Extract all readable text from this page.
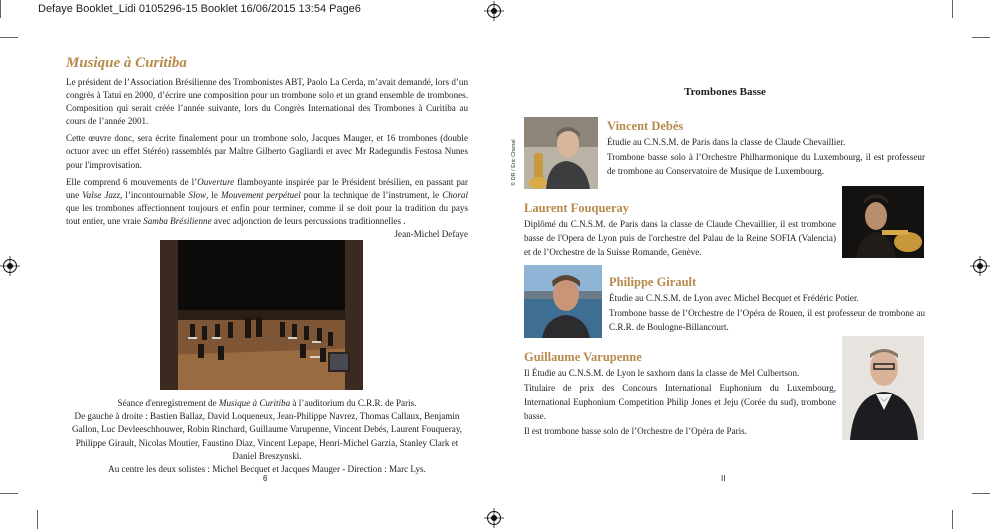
Defaye Booklet_Lidi 0105296-15 Booklet 16/06/2015 13:54 Page6
Musique à Curitiba

Le président de l’Association Brésilienne des Trombonistes ABT, Paolo La Cerda, m’avait demandé, lors d’un congrès à Tatui en 2000, d’écrire une composition pour un trombone solo et un grand ensemble de trombones. Composition qui serait créée l’année suivante, lors du Congrès International des Trombones à Curitiba au cours de l’année 2001.

Cette œuvre donc, sera écrite finalement pour un trombone solo, Jacques Mauger, et 16 trombones (double octuor avec un effet Stéréo) rassemblés par Maître Gilberto Gagliardi et avec Mr Radegundis Festosa Nunes pour l'improvisation.

Elle comprend 6 mouvements de l’Ouverture flamboyante inspirée par le Président brésilien, en passant par une Valse Jazz, l’incontournable Slow, le Mouvement perpétuel pour la technique de l’instrument, le Choral que les trombones affectionnent toujours et enfin pour terminer, comme il se doit pour la tradition du pays tout entier, une vraie Samba Brésilienne avec adjonction de leurs percussions traditionnelles .
Jean-Michel Defaye

Séance d'enregistrement de Musique à Curitiba à l’auditorium du C.R.R. de Paris.
De gauche à droite : Bastien Ballaz, David Loqueneux, Jean-Philippe Navrez, Thomas Callaux, Benjamin Gallon, Luc Devleeschhouwer, Robin Rinchard, Guillaume Varupenne, Vincent Debés, Laurent Fouqueray, Philippe Girault, Nicolas Moutier, Faustino Diaz, Vincent Lepape, Henri-Michel Garzia, Stanley Clark et Daniel Breszynski.
Au centre les deux solistes : Michel Becquet et Jacques Mauger - Direction : Marc Lys.
6
Trombones Basse
© DR / Eric Chenal
Vincent Debés

Étudie au C.N.S.M. de Paris dans la classe de Claude Chevaillier.

Trombone basse solo à l’Orchestre Philharmonique du Luxembourg, il est professeur de trombone au Conservatoire de Musique de Luxembourg.

Laurent Fouqueray

Diplômé du C.N.S.M. de Paris dans la classe de Claude Chevaillier, il est trombone basse de l'Opera de Lyon puis de l'orchestre del Palau de la Reine SOFIA (Valencia) et de l’Orchestre de la Suisse Romande, Genève.

Philippe Girault

Étudie au C.N.S.M. de Lyon avec Michel Becquet et Frédéric Potier.

Trombone basse de l’Orchestre de l’Opéra de Rouen, il est professeur de trombone au C.R.R. de Boulogne-Billancourt.

Guillaume Varupenne

Il Étudie au C.N.S.M. de Lyon le saxhorn dans la classe de Mel Culbertson.

Titulaire de prix des Concours International Euphonium du Luxembourg, International Euphonium Competition Philip Jones et Jeju (Corée du sud), trombone basse.

Il est trombone basse solo de l’Orchestre de l’Opéra de Paris.

II
